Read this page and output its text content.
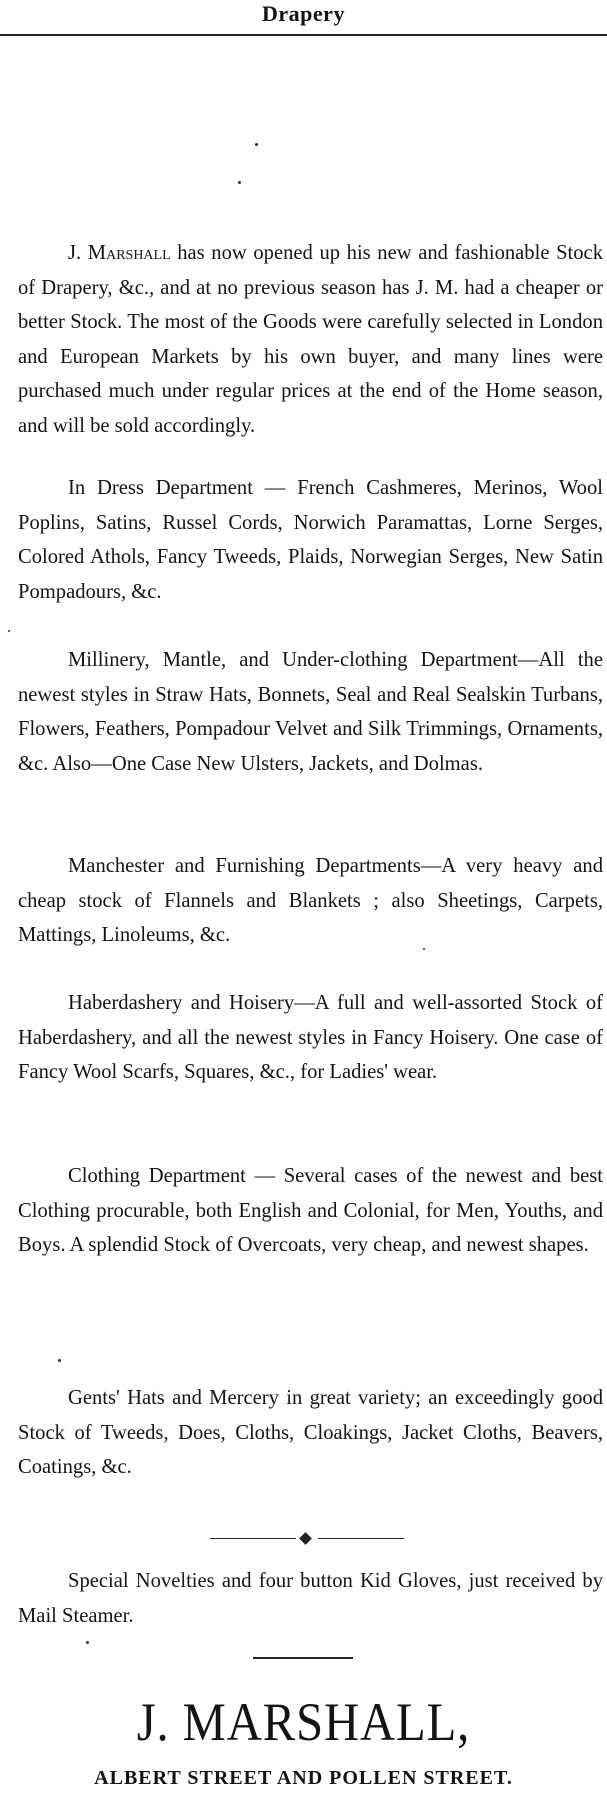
Drapery

J. Marshall has now opened up his new and fashionable Stock of Drapery, &c., and at no previous season has J. M. had a cheaper or better Stock. The most of the Goods were carefully selected in London and European Markets by his own buyer, and many lines were purchased much under regular prices at the end of the Home season, and will be sold accordingly.

In Dress Department — French Cashmeres, Merinos, Wool Poplins, Satins, Russel Cords, Norwich Paramattas, Lorne Serges, Colored Athols, Fancy Tweeds, Plaids, Norwegian Serges, New Satin Pompadours, &c.

Millinery, Mantle, and Under-clothing Department—All the newest styles in Straw Hats, Bonnets, Seal and Real Sealskin Turbans, Flowers, Feathers, Pompadour Velvet and Silk Trimmings, Ornaments, &c. Also—One Case New Ulsters, Jackets, and Dolmas.

Manchester and Furnishing Departments—A very heavy and cheap stock of Flannels and Blankets ; also Sheetings, Carpets, Mattings, Linoleums, &c.

Haberdashery and Hoisery—A full and well-assorted Stock of Haberdashery, and all the newest styles in Fancy Hoisery. One case of Fancy Wool Scarfs, Squares, &c., for Ladies' wear.

Clothing Department — Several cases of the newest and best Clothing procurable, both English and Colonial, for Men, Youths, and Boys. A splendid Stock of Overcoats, very cheap, and newest shapes.

Gents' Hats and Mercery in great variety; an exceedingly good Stock of Tweeds, Does, Cloths, Cloakings, Jacket Cloths, Beavers, Coatings, &c.

Special Novelties and four button Kid Gloves, just received by Mail Steamer.

J. MARSHALL,
ALBERT STREET AND POLLEN STREET.
